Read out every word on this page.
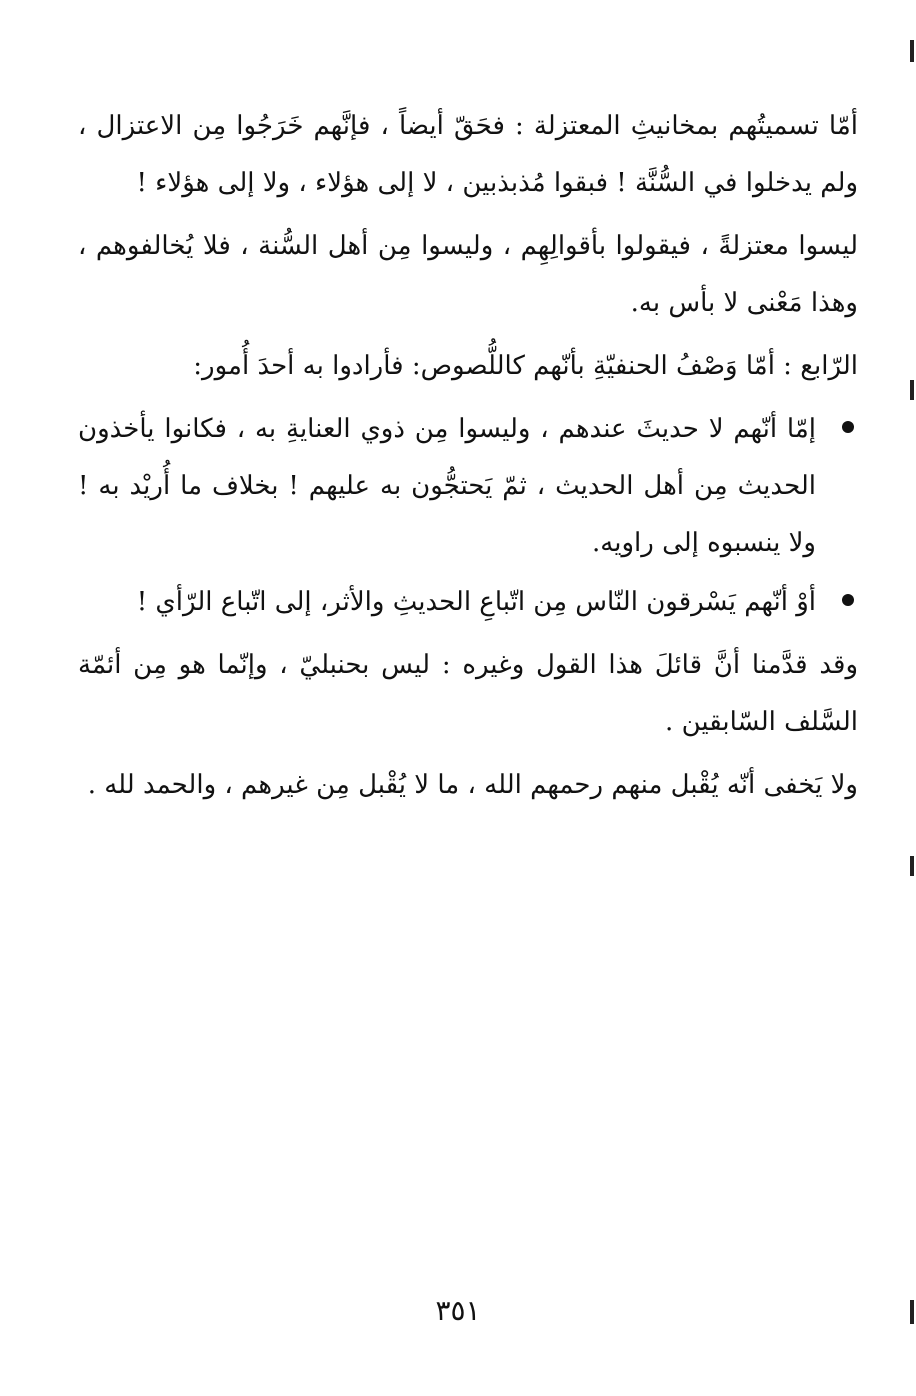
أمّا تسميتُهم بمخانيثِ المعتزلة : فحَقّ أيضاً ، فإنَّهم خَرَجُوا مِن الاعتزال ، ولم يدخلوا في السُّنَّة ! فبقوا مُذبذبين ، لا إلى هؤلاء ، ولا إلى هؤلاء !

ليسوا معتزلةً ، فيقولوا بأقوالِهِم ، وليسوا مِن أهل السُّنة ، فلا يُخالفوهم ، وهذا مَعْنى لا بأس به.

الرّابع : أمّا وَصْفُ الحنفيّةِ بأنّهم كاللُّصوص: فأرادوا به أحدَ أُمور:

إمّا أنّهم لا حديثَ عندهم ، وليسوا مِن ذوي العنايةِ به ، فكانوا يأخذون الحديث مِن أهل الحديث ، ثمّ يَحتجُّون به عليهم ! بخلاف ما أُريْد به ! ولا ينسبوه إلى راويه.
أوْ أنّهم يَسْرقون النّاس مِن اتّباعِ الحديثِ والأثر، إلى اتّباع الرّأي !

وقد قدَّمنا أنَّ قائلَ هذا القول وغيره : ليس بحنبليّ ، وإنّما هو مِن أئمّة السَّلف السّابقين .

ولا يَخفى أنّه يُقْبل منهم رحمهم الله ، ما لا يُقْبل مِن غيرهم ، والحمد لله .

٣٥١
